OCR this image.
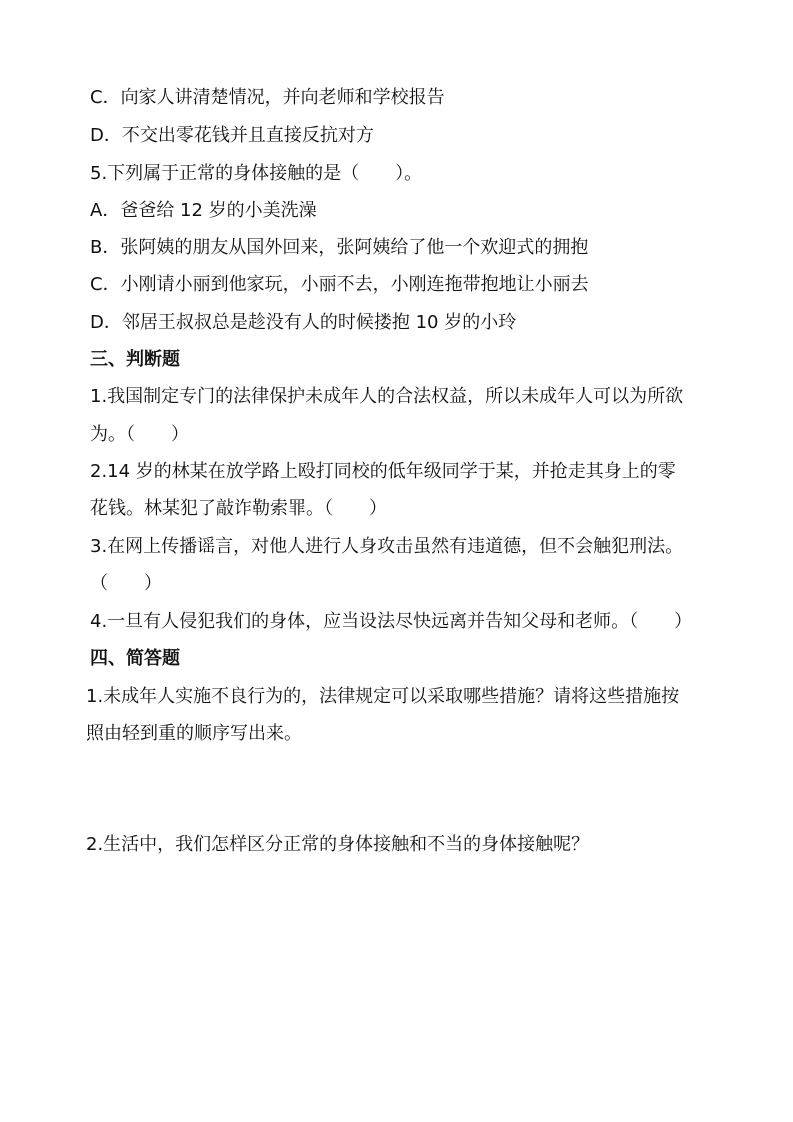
C．向家人讲清楚情况，并向老师和学校报告
D．不交出零花钱并且直接反抗对方
5.下列属于正常的身体接触的是（　　）。
A．爸爸给 12 岁的小美洗澡
B．张阿姨的朋友从国外回来，张阿姨给了他一个欢迎式的拥抱
C．小刚请小丽到他家玩，小丽不去，小刚连拖带抱地让小丽去
D．邻居王叔叔总是趁没有人的时候搂抱 10 岁的小玲
三、判断题
1.我国制定专门的法律保护未成年人的合法权益，所以未成年人可以为所欲
为。（　　）
2.14 岁的林某在放学路上殴打同校的低年级同学于某，并抢走其身上的零
花钱。林某犯了敲诈勒索罪。（　　）
3.在网上传播谣言，对他人进行人身攻击虽然有违道德，但不会触犯刑法。
（　　）
4.一旦有人侵犯我们的身体，应当设法尽快远离并告知父母和老师。（　　）
四、简答题
1.未成年人实施不良行为的，法律规定可以采取哪些措施？请将这些措施按
照由轻到重的顺序写出来。
2.生活中，我们怎样区分正常的身体接触和不当的身体接触呢？
